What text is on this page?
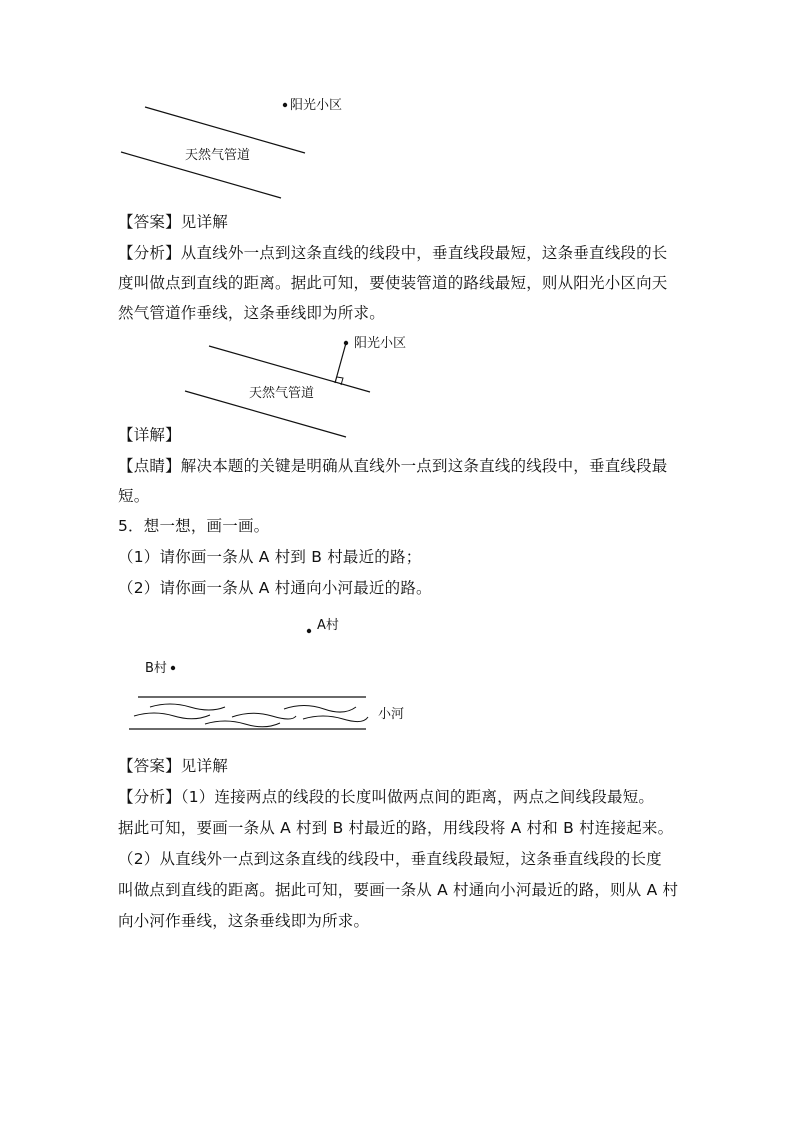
阳光小区
天然气管道
【答案】见详解
【分析】从直线外一点到这条直线的线段中，垂直线段最短，这条垂直线段的长
度叫做点到直线的距离。据此可知，要使装管道的路线最短，则从阳光小区向天
然气管道作垂线，这条垂线即为所求。
阳光小区
天然气管道
【详解】
【点睛】解决本题的关键是明确从直线外一点到这条直线的线段中，垂直线段最
短。
5．想一想，画一画。
（1）请你画一条从 A 村到 B 村最近的路；
（2）请你画一条从 A 村通向小河最近的路。
A村
B村
小河
【答案】见详解
【分析】（1）连接两点的线段的长度叫做两点间的距离，两点之间线段最短。
据此可知，要画一条从 A 村到 B 村最近的路，用线段将 A 村和 B 村连接起来。
（2）从直线外一点到这条直线的线段中，垂直线段最短，这条垂直线段的长度
叫做点到直线的距离。据此可知，要画一条从 A 村通向小河最近的路，则从 A 村
向小河作垂线，这条垂线即为所求。
